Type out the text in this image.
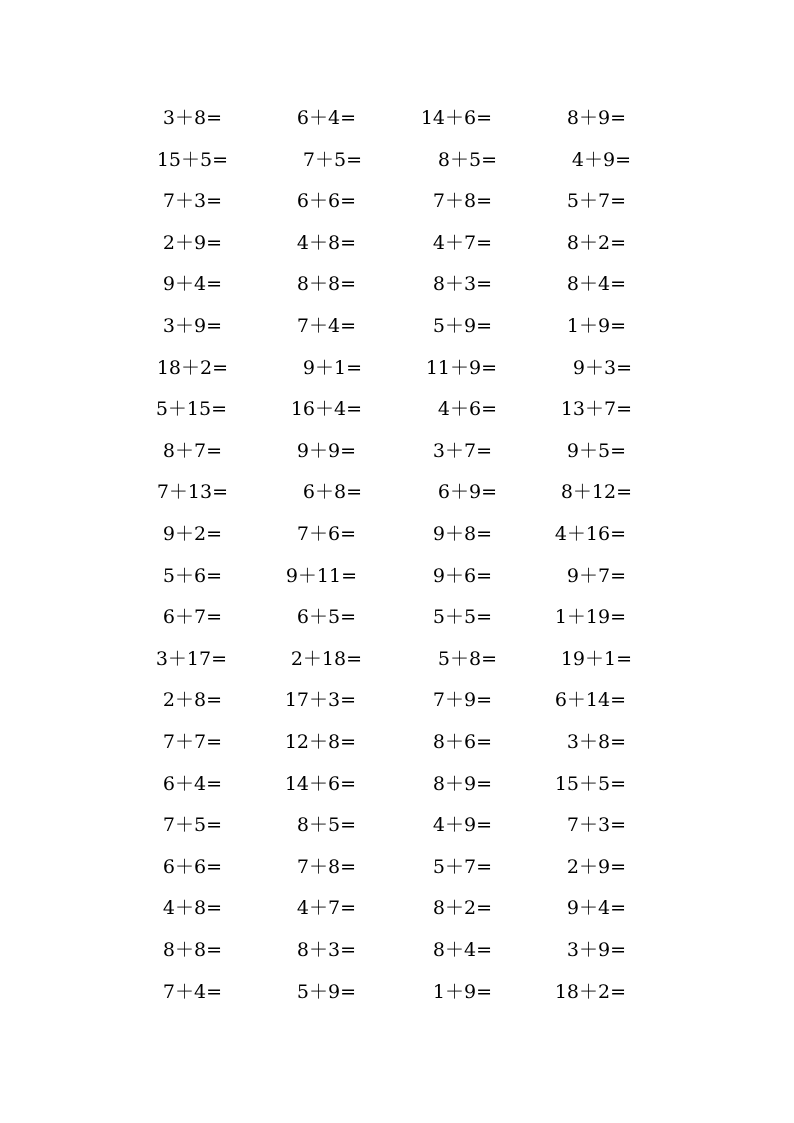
3＋8=	6＋4=	14＋6=	8＋9=
15＋5=	7＋5=	8＋5=	4＋9=
7＋3=	6＋6=	7＋8=	5＋7=
2＋9=	4＋8=	4＋7=	8＋2=
9＋4=	8＋8=	8＋3=	8＋4=
3＋9=	7＋4=	5＋9=	1＋9=
18＋2=	9＋1=	11＋9=	9＋3=
5＋15=	16＋4=	4＋6=	13＋7=
8＋7=	9＋9=	3＋7=	9＋5=
7＋13=	6＋8=	6＋9=	8＋12=
9＋2=	7＋6=	9＋8=	4＋16=
5＋6=	9＋11=	9＋6=	9＋7=
6＋7=	6＋5=	5＋5=	1＋19=
3＋17=	2＋18=	5＋8=	19＋1=
2＋8=	17＋3=	7＋9=	6＋14=
7＋7=	12＋8=	8＋6=	3＋8=
6＋4=	14＋6=	8＋9=	15＋5=
7＋5=	8＋5=	4＋9=	7＋3=
6＋6=	7＋8=	5＋7=	2＋9=
4＋8=	4＋7=	8＋2=	9＋4=
8＋8=	8＋3=	8＋4=	3＋9=
7＋4=	5＋9=	1＋9=	18＋2=
